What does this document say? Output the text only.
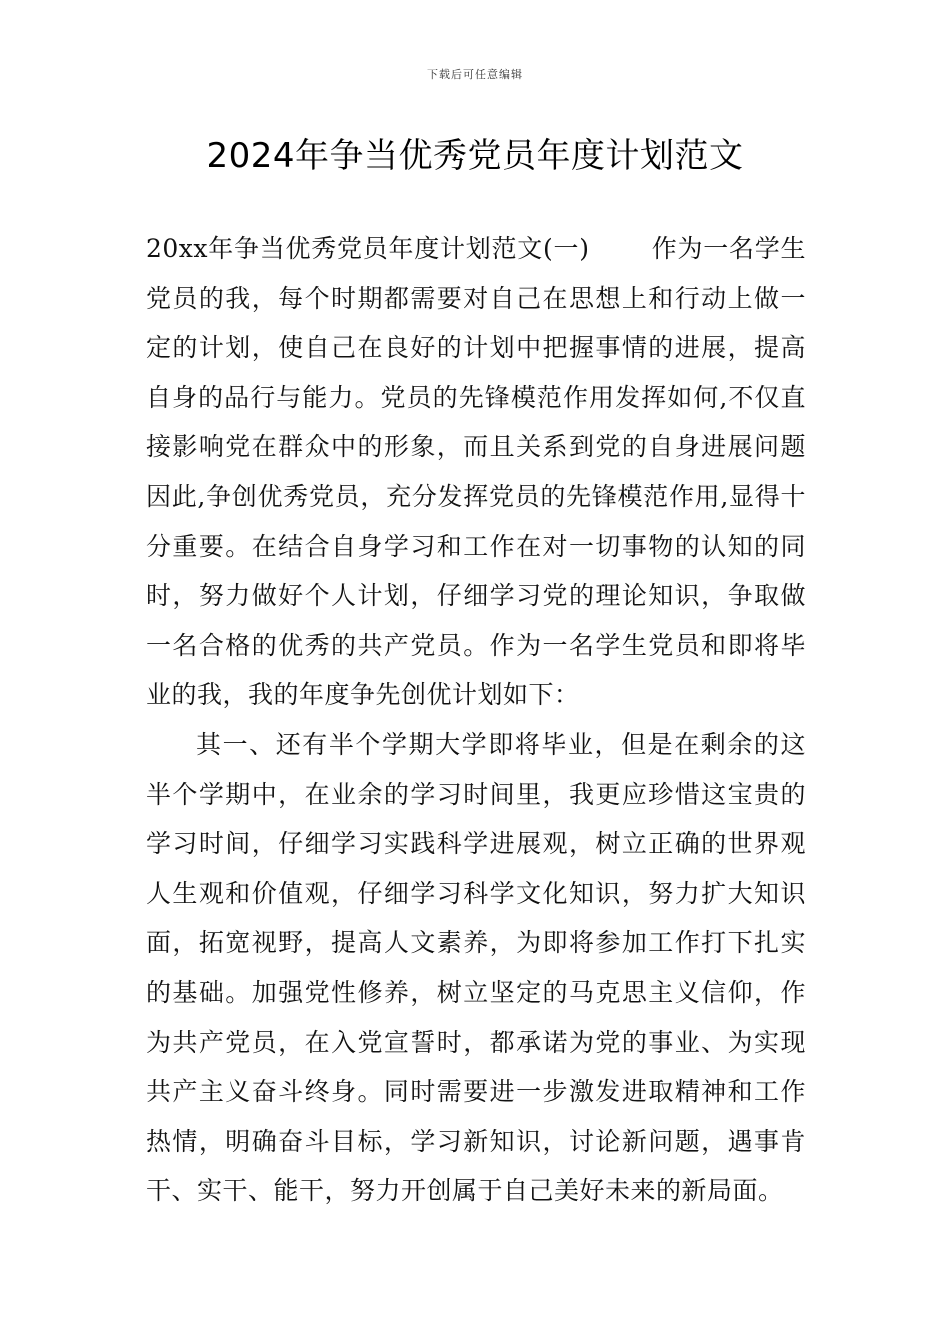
下载后可任意编辑
2024年争当优秀党员年度计划范文

20xx年争当优秀党员年度计划范文(一) 作为一名学生党员的我，每个时期都需要对自己在思想上和行动上做一定的计划，使自己在良好的计划中把握事情的进展，提高自身的品行与能力。党员的先锋模范作用发挥如何,不仅直接影响党在群众中的形象，而且关系到党的自身进展问题因此,争创优秀党员，充分发挥党员的先锋模范作用,显得十分重要。在结合自身学习和工作在对一切事物的认知的同时，努力做好个人计划，仔细学习党的理论知识，争取做一名合格的优秀的共产党员。作为一名学生党员和即将毕业的我，我的年度争先创优计划如下：

其一、还有半个学期大学即将毕业，但是在剩余的这半个学期中，在业余的学习时间里，我更应珍惜这宝贵的学习时间，仔细学习实践科学进展观，树立正确的世界观人生观和价值观，仔细学习科学文化知识，努力扩大知识面，拓宽视野，提高人文素养，为即将参加工作打下扎实的基础。加强党性修养，树立坚定的马克思主义信仰，作为共产党员，在入党宣誓时，都承诺为党的事业、为实现共产主义奋斗终身。同时需要进一步激发进取精神和工作热情，明确奋斗目标，学习新知识，讨论新问题，遇事肯干、实干、能干，努力开创属于自己美好未来的新局面。
